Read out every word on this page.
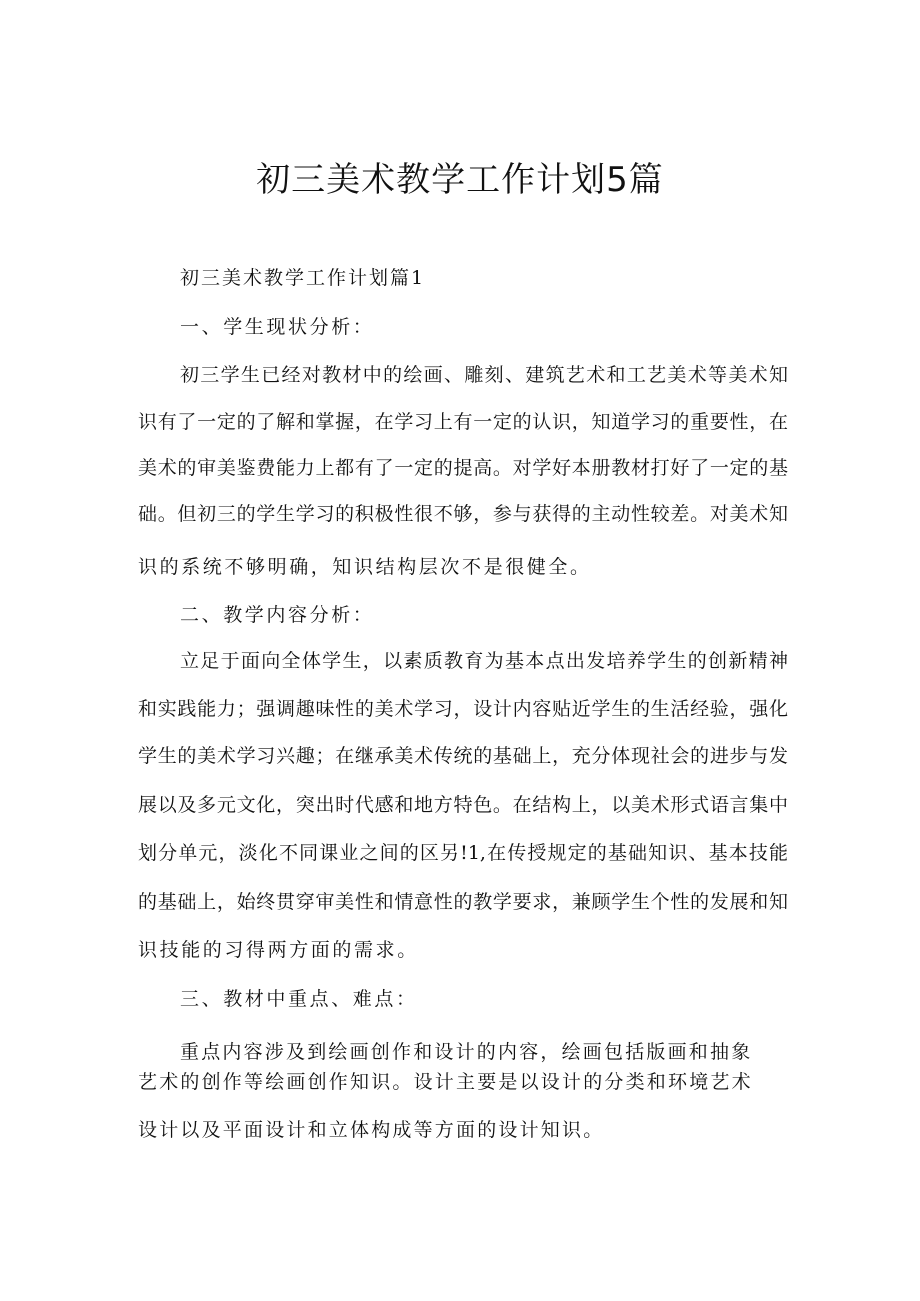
初三美术教学工作计划5篇
初三美术教学工作计划篇1
一、学生现状分析：
初三学生已经对教材中的绘画、雕刻、建筑艺术和工艺美术等美术知
识有了一定的了解和掌握，在学习上有一定的认识，知道学习的重要性，在
美术的审美鉴费能力上都有了一定的提高。对学好本册教材打好了一定的基
础。但初三的学生学习的积极性很不够，参与获得的主动性较差。对美术知
识的系统不够明确，知识结构层次不是很健全。
二、教学内容分析：
立足于面向全体学生，以素质教育为基本点出发培养学生的创新精神
和实践能力；强调趣味性的美术学习，设计内容贴近学生的生活经验，强化
学生的美术学习兴趣；在继承美术传统的基础上，充分体现社会的进步与发
展以及多元文化，突出时代感和地方特色。在结构上，以美术形式语言集中
划分单元，淡化不同课业之间的区另!1,在传授规定的基础知识、基本技能
的基础上，始终贯穿审美性和情意性的教学要求，兼顾学生个性的发展和知
识技能的习得两方面的需求。
三、教材中重点、难点：
重点内容涉及到绘画创作和设计的内容，绘画包括版画和抽象
艺术的创作等绘画创作知识。设计主要是以设计的分类和环境艺术
设计以及平面设计和立体构成等方面的设计知识。
